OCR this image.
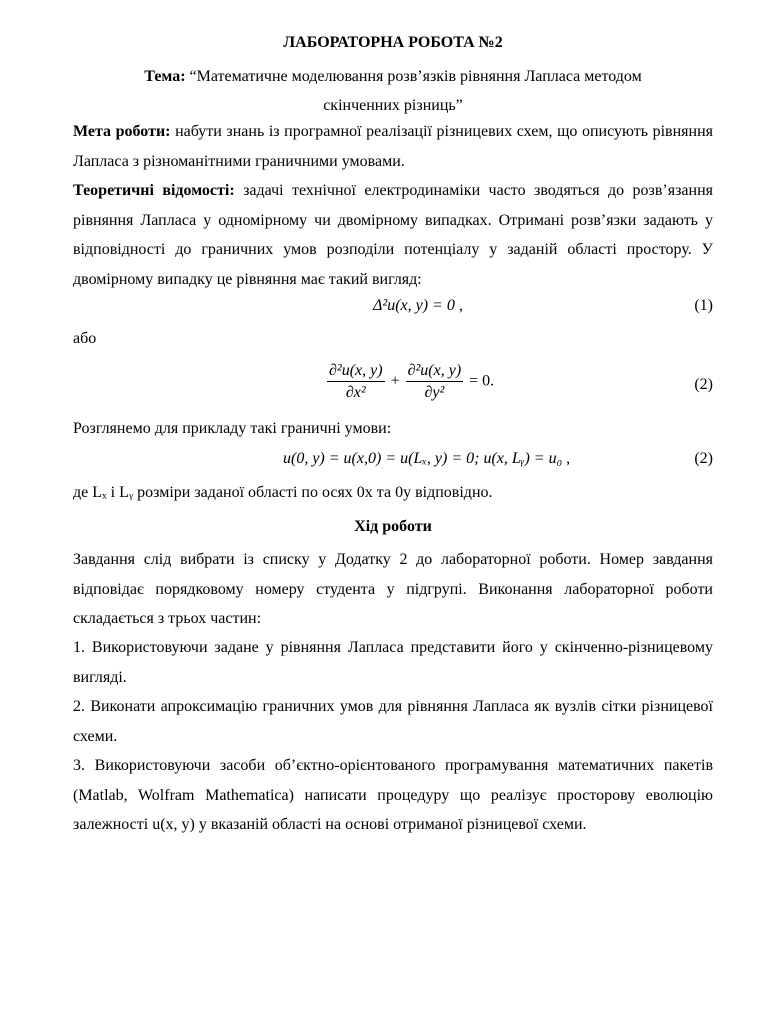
ЛАБОРАТОРНА РОБОТА №2
Тема: “Математичне моделювання розв’язків рівняння Лапласа методом
скінченних різниць”
Мета роботи: набути знань із програмної реалізації різницевих схем, що описують рівняння Лапласа з різноманітними граничними умовами.
Теоретичні відомості: задачі технічної електродинаміки часто зводяться до розв’язання рівняння Лапласа у одномірному чи двомірному випадках. Отримані розв’язки задають у відповідності до граничних умов розподіли потенціалу у заданій області простору. У двомірному випадку це рівняння має такий вигляд:
Δ²u(x, y) = 0 ,	(1)
або
$\frac{\text{∂²u(x, y)}}{\text{∂x²}} + \frac{\text{∂²u(x, y)}}{\text{∂y²}} = 0$.	(2)
Розглянемо для прикладу такі граничні умови:
u(0, y) = u(x,0) = u(Lₓ, y) = 0; u(x, Lᵧ) = u₀ ,	(2)
де Lₓ і Lᵧ розміри заданої області по осях 0x та 0y відповідно.
Хід роботи
Завдання слід вибрати із списку у Додатку 2 до лабораторної роботи. Номер завдання відповідає порядковому номеру студента у підгрупі. Виконання лабораторної роботи складається з трьох частин:
1. Використовуючи задане у рівняння Лапласа представити його у скінченно-різницевому вигляді.
2. Виконати апроксимацію граничних умов для рівняння Лапласа як вузлів сітки різницевої схеми.
3. Використовуючи засоби об’єктно-орієнтованого програмування математичних пакетів (Matlab, Wolfram Mathematica) написати процедуру що реалізує просторову еволюцію залежності u(x, y) у вказаній області на основі отриманої різницевої схеми.
